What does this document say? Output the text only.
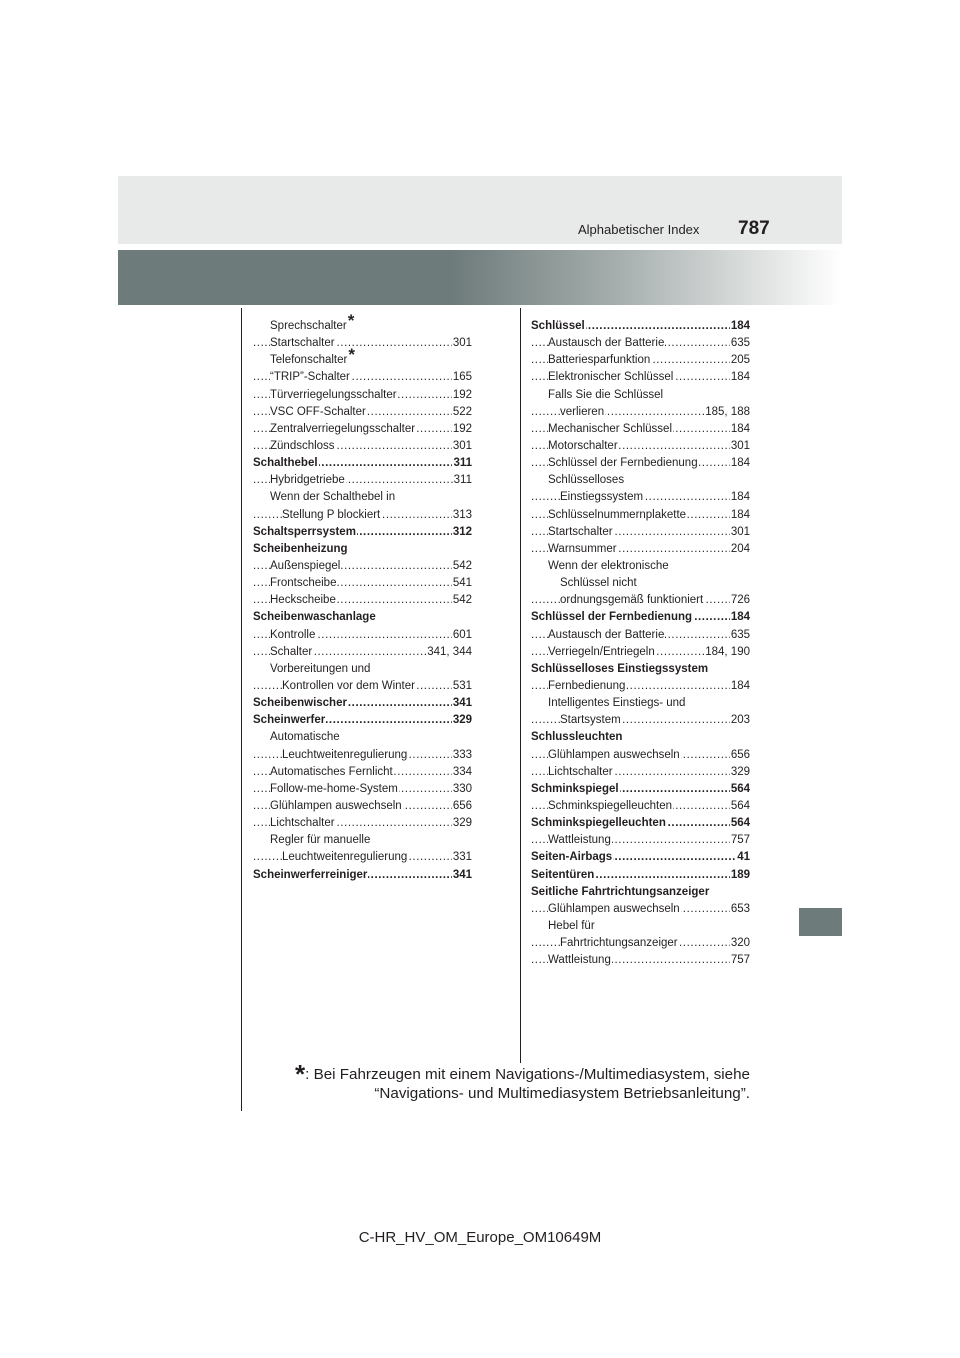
Alphabetischer Index 787
Sprechschalter*
..... Startschalter	301
Telefonschalter*
..... “TRIP”-Schalter	165
..... Türverriegelungsschalter	192
..... VSC OFF-Schalter	522
..... Zentralverriegelungsschalter	192
..... Zündschloss	301
..... Schalthebel	311
..... Hybridgetriebe	311
Wenn der Schalthebel in
..... Stellung P blockiert	313
..... Schaltsperrsystem	312
Scheibenheizung
..... Außenspiegel	542
..... Frontscheibe	541
..... Heckscheibe	542
Scheibenwaschanlage
..... Kontrolle	601
..... Schalter	341, 344
Vorbereitungen und
..... Kontrollen vor dem Winter	531
..... Scheibenwischer	341
..... Scheinwerfer	329
Automatische
..... Leuchtweitenregulierung	333
..... Automatisches Fernlicht	334
..... Follow-me-home-System	330
..... Glühlampen auswechseln	656
..... Lichtschalter	329
Regler für manuelle
..... Leuchtweitenregulierung	331
..... Scheinwerferreiniger	341
..... Schlüssel	184
..... Austausch der Batterie	635
..... Batteriesparfunktion	205
..... Elektronischer Schlüssel	184
Falls Sie die Schlüssel
..... verlieren	185, 188
..... Mechanischer Schlüssel	184
..... Motorschalter	301
..... Schlüssel der Fernbedienung	184
Schlüsselloses
..... Einstiegssystem	184
..... Schlüsselnummernplakette	184
..... Startschalter	301
..... Warnsummer	204
Wenn der elektronische
Schlüssel nicht
..... ordnungsgemäß funktioniert 726
..... Schlüssel der Fernbedienung	184
..... Austausch der Batterie	635
..... Verriegeln/Entriegeln	184, 190
Schlüsselloses Einstiegssystem
..... Fernbedienung	184
Intelligentes Einstiegs- und
..... Startsystem	203
Schlussleuchten
..... Glühlampen auswechseln	656
..... Lichtschalter	329
..... Schminkspiegel	564
..... Schminkspiegelleuchten	564
..... Schminkspiegelleuchten	564
..... Wattleistung	757
..... Seiten-Airbags	41
..... Seitentüren	189
Seitliche Fahrtrichtungsanzeiger
..... Glühlampen auswechseln	653
Hebel für
..... Fahrtrichtungsanzeiger	320
..... Wattleistung	757
*: Bei Fahrzeugen mit einem Navigations-/Multimediasystem, siehe
“Navigations- und Multimediasystem Betriebsanleitung”.
C-HR_HV_OM_Europe_OM10649M
